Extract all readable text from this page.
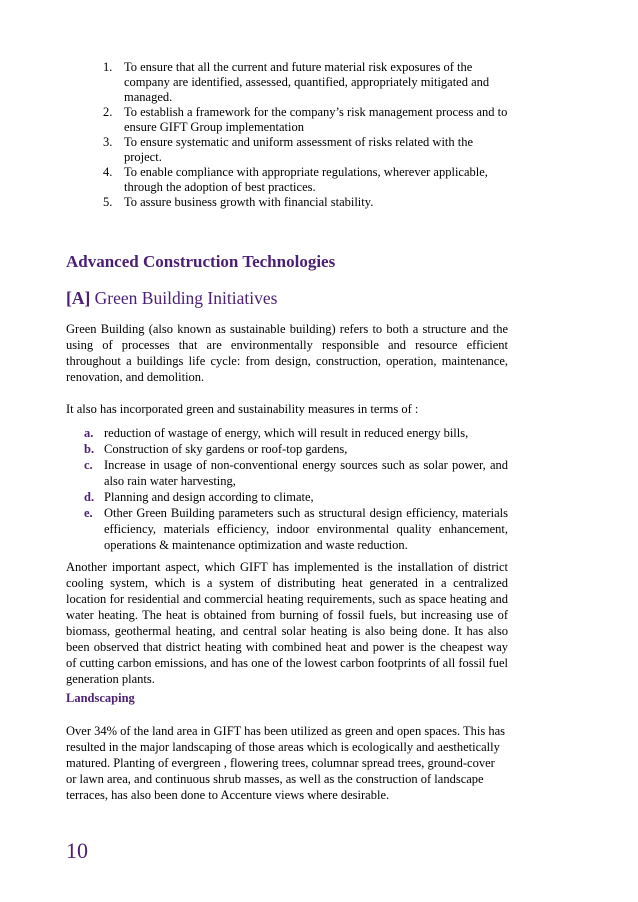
1. To ensure that all the current and future material risk exposures of the company are identified, assessed, quantified, appropriately mitigated and managed.
2. To establish a framework for the company’s risk management process and to ensure GIFT Group implementation
3. To ensure systematic and uniform assessment of risks related with the project.
4. To enable compliance with appropriate regulations, wherever applicable, through the adoption of best practices.
5. To assure business growth with financial stability.
Advanced Construction Technologies
[A] Green Building Initiatives

Green Building (also known as sustainable building) refers to both a structure and the using of processes that are environmentally responsible and resource efficient throughout a buildings life cycle: from design, construction, operation, maintenance, renovation, and demolition.

It also has incorporated green and sustainability measures in terms of :

a. reduction of wastage of energy, which will result in reduced energy bills,
b. Construction of sky gardens or roof-top gardens,
c. Increase in usage of non-conventional energy sources such as solar power, and also rain water harvesting,
d. Planning and design according to climate,
e. Other Green Building parameters such as structural design efficiency, materials efficiency, materials efficiency, indoor environmental quality enhancement, operations & maintenance optimization and waste reduction.

Another important aspect, which GIFT has implemented is the installation of district cooling system, which is a system of distributing heat generated in a centralized location for residential and commercial heating requirements, such as space heating and water heating. The heat is obtained from burning of fossil fuels, but increasing use of biomass, geothermal heating, and central solar heating is also being done. It has also been observed that district heating with combined heat and power is the cheapest way of cutting carbon emissions, and has one of the lowest carbon footprints of all fossil fuel generation plants.

Landscaping

Over 34% of the land area in GIFT has been utilized as green and open spaces. This has resulted in the major landscaping of those areas which is ecologically and aesthetically matured. Planting of evergreen , flowering trees, columnar spread trees, ground-cover or lawn area, and continuous shrub masses, as well as the construction of landscape terraces, has also been done to Accenture views where desirable.

10
